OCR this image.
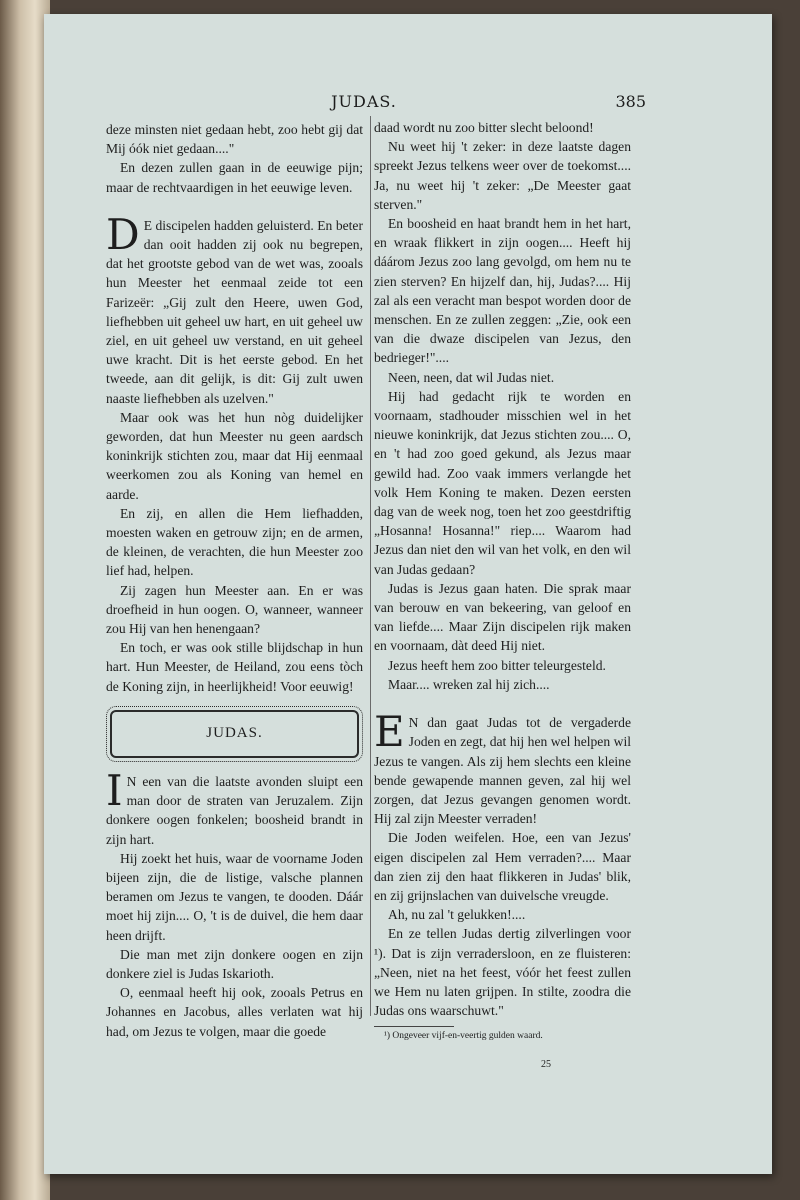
JUDAS.	385

deze minsten niet gedaan hebt, zoo hebt gij dat Mij óók niet gedaan...."

En dezen zullen gaan in de eeuwige pijn; maar de rechtvaardigen in het eeuwige leven.

D E discipelen hadden geluisterd. En beter dan ooit hadden zij ook nu begrepen, dat het grootste gebod van de wet was, zooals hun Meester het eenmaal zeide tot een Farizeër: „Gij zult den Heere, uwen God, liefhebben uit geheel uw hart, en uit geheel uw ziel, en uit geheel uw verstand, en uit geheel uwe kracht. Dit is het eerste gebod. En het tweede, aan dit gelijk, is dit: Gij zult uwen naaste liefhebben als uzelven."

Maar ook was het hun nòg duidelijker geworden, dat hun Meester nu geen aardsch koninkrijk stichten zou, maar dat Hij eenmaal weerkomen zou als Koning van hemel en aarde.

En zij, en allen die Hem liefhadden, moesten waken en getrouw zijn; en de armen, de kleinen, de verachten, die hun Meester zoo lief had, helpen.

Zij zagen hun Meester aan. En er was droefheid in hun oogen. O, wanneer, wanneer zou Hij van hen henengaan?

En toch, er was ook stille blijdschap in hun hart. Hun Meester, de Heiland, zou eens tòch de Koning zijn, in heerlijkheid! Voor eeuwig!

JUDAS.

I N een van die laatste avonden sluipt een man door de straten van Jeruzalem. Zijn donkere oogen fonkelen; boosheid brandt in zijn hart.

Hij zoekt het huis, waar de voorname Joden bijeen zijn, die de listige, valsche plannen beramen om Jezus te vangen, te dooden. Dáár moet hij zijn.... O, 't is de duivel, die hem daar heen drijft.

Die man met zijn donkere oogen en zijn donkere ziel is Judas Iskarioth.

O, eenmaal heeft hij ook, zooals Petrus en Johannes en Jacobus, alles verlaten wat hij had, om Jezus te volgen, maar die goede

daad wordt nu zoo bitter slecht beloond!

Nu weet hij 't zeker: in deze laatste dagen spreekt Jezus telkens weer over de toekomst.... Ja, nu weet hij 't zeker: „De Meester gaat sterven."

En boosheid en haat brandt hem in het hart, en wraak flikkert in zijn oogen.... Heeft hij dáárom Jezus zoo lang gevolgd, om hem nu te zien sterven? En hijzelf dan, hij, Judas?.... Hij zal als een veracht man bespot worden door de menschen. En ze zullen zeggen: „Zie, ook een van die dwaze discipelen van Jezus, den bedrieger!"....

Neen, neen, dat wil Judas niet.

Hij had gedacht rijk te worden en voornaam, stadhouder misschien wel in het nieuwe koninkrijk, dat Jezus stichten zou.... O, en 't had zoo goed gekund, als Jezus maar gewild had. Zoo vaak immers verlangde het volk Hem Koning te maken. Dezen eersten dag van de week nog, toen het zoo geestdriftig „Hosanna! Hosanna!" riep.... Waarom had Jezus dan niet den wil van het volk, en den wil van Judas gedaan?

Judas is Jezus gaan haten. Die sprak maar van berouw en van bekeering, van geloof en van liefde.... Maar Zijn discipelen rijk maken en voornaam, dàt deed Hij niet.

Jezus heeft hem zoo bitter teleurgesteld.

Maar.... wreken zal hij zich....

E N dan gaat Judas tot de vergaderde Joden en zegt, dat hij hen wel helpen wil Jezus te vangen. Als zij hem slechts een kleine bende gewapende mannen geven, zal hij wel zorgen, dat Jezus gevangen genomen wordt. Hij zal zijn Meester verraden!

Die Joden weifelen. Hoe, een van Jezus' eigen discipelen zal Hem verraden?.... Maar dan zien zij den haat flikkeren in Judas' blik, en zij grijnslachen van duivelsche vreugde.

Ah, nu zal 't gelukken!....

En ze tellen Judas dertig zilverlingen voor ¹). Dat is zijn verradersloon, en ze fluisteren: „Neen, niet na het feest, vóór het feest zullen we Hem nu laten grijpen. In stilte, zoodra die Judas ons waarschuwt."

¹) Ongeveer vijf-en-veertig gulden waard.

25
